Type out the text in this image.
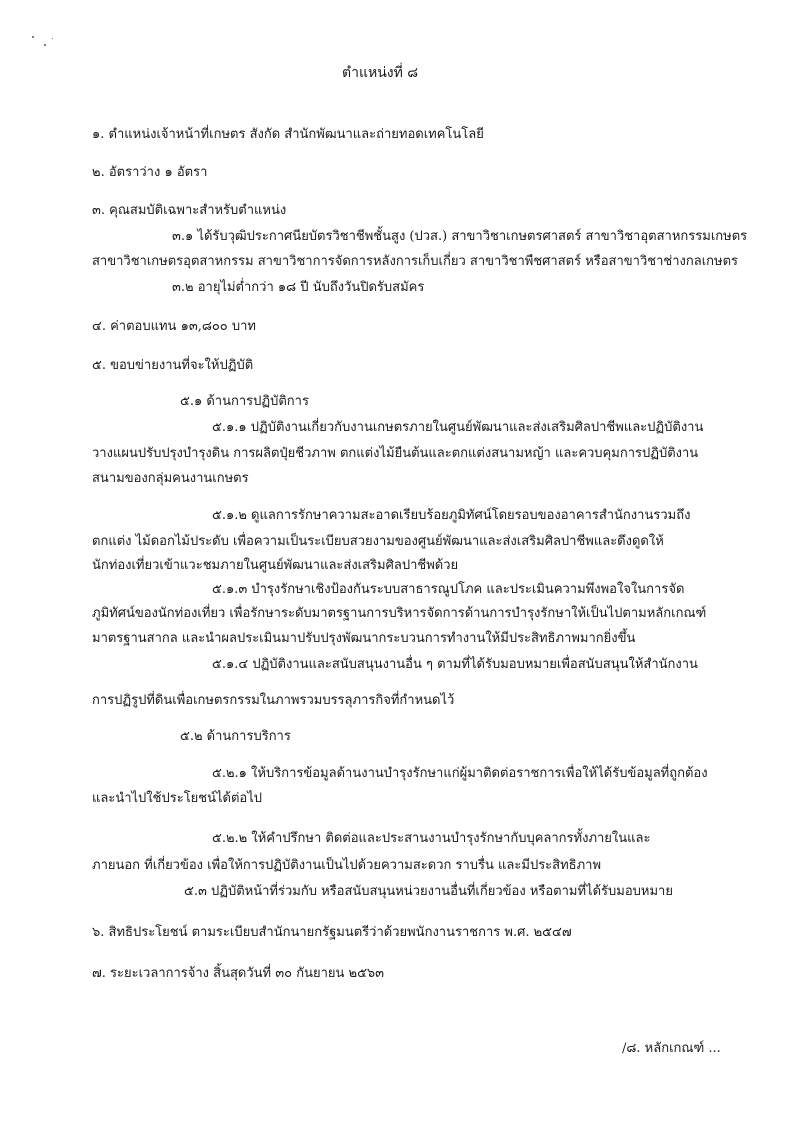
ตำแหน่งที่ ๘
๑. ตำแหน่งเจ้าหน้าที่เกษตร สังกัด สำนักพัฒนาและถ่ายทอดเทคโนโลยี
๒. อัตราว่าง ๑ อัตรา
๓. คุณสมบัติเฉพาะสำหรับตำแหน่ง
๓.๑ ได้รับวุฒิประกาศนียบัตรวิชาชีพชั้นสูง (ปวส.) สาขาวิชาเกษตรศาสตร์ สาขาวิชาอุตสาหกรรมเกษตร
สาขาวิชาเกษตรอุตสาหกรรม สาขาวิชาการจัดการหลังการเก็บเกี่ยว สาขาวิชาพืชศาสตร์ หรือสาขาวิชาช่างกลเกษตร
๓.๒ อายุไม่ต่ำกว่า ๑๘ ปี นับถึงวันปิดรับสมัคร
๔. ค่าตอบแทน ๑๓,๘๐๐ บาท
๕. ขอบข่ายงานที่จะให้ปฏิบัติ
๕.๑ ด้านการปฏิบัติการ
๕.๑.๑ ปฏิบัติงานเกี่ยวกับงานเกษตรภายในศูนย์พัฒนาและส่งเสริมศิลปาชีพและปฏิบัติงาน
วางแผนปรับปรุงบำรุงดิน การผลิตปุ๋ยชีวภาพ ตกแต่งไม้ยืนต้นและตกแต่งสนามหญ้า และควบคุมการปฏิบัติงาน
สนามของกลุ่มคนงานเกษตร
๕.๑.๒ ดูแลการรักษาความสะอาดเรียบร้อยภูมิทัศน์โดยรอบของอาคารสำนักงานรวมถึง
ตกแต่ง ไม้ดอกไม้ประดับ เพื่อความเป็นระเบียบสวยงามของศูนย์พัฒนาและส่งเสริมศิลปาชีพและดึงดูดให้
นักท่องเที่ยวเข้าแวะชมภายในศูนย์พัฒนาและส่งเสริมศิลปาชีพด้วย
๕.๑.๓ บำรุงรักษาเชิงป้องกันระบบสาธารณูปโภค และประเมินความพึงพอใจในการจัด
ภูมิทัศน์ของนักท่องเที่ยว เพื่อรักษาระดับมาตรฐานการบริหารจัดการด้านการบำรุงรักษาให้เป็นไปตามหลักเกณฑ์
มาตรฐานสากล และนำผลประเมินมาปรับปรุงพัฒนากระบวนการทำงานให้มีประสิทธิภาพมากยิ่งขึ้น
๕.๑.๔ ปฏิบัติงานและสนับสนุนงานอื่น ๆ ตามที่ได้รับมอบหมายเพื่อสนับสนุนให้สำนักงาน
การปฏิรูปที่ดินเพื่อเกษตรกรรมในภาพรวมบรรลุภารกิจที่กำหนดไว้
๕.๒ ด้านการบริการ
๕.๒.๑ ให้บริการข้อมูลด้านงานบำรุงรักษาแก่ผู้มาติดต่อราชการเพื่อให้ได้รับข้อมูลที่ถูกต้อง
และนำไปใช้ประโยชน์ได้ต่อไป
๕.๒.๒ ให้คำปรึกษา ติดต่อและประสานงานบำรุงรักษากับบุคลากรทั้งภายในและ
ภายนอก ที่เกี่ยวข้อง เพื่อให้การปฏิบัติงานเป็นไปด้วยความสะดวก ราบรื่น และมีประสิทธิภาพ
๕.๓ ปฏิบัติหน้าที่ร่วมกับ หรือสนับสนุนหน่วยงานอื่นที่เกี่ยวข้อง หรือตามที่ได้รับมอบหมาย
๖. สิทธิประโยชน์ ตามระเบียบสำนักนายกรัฐมนตรีว่าด้วยพนักงานราชการ พ.ศ. ๒๕๔๗
๗. ระยะเวลาการจ้าง สิ้นสุดวันที่ ๓๐ กันยายน ๒๕๖๓
/๘. หลักเกณฑ์ ...
